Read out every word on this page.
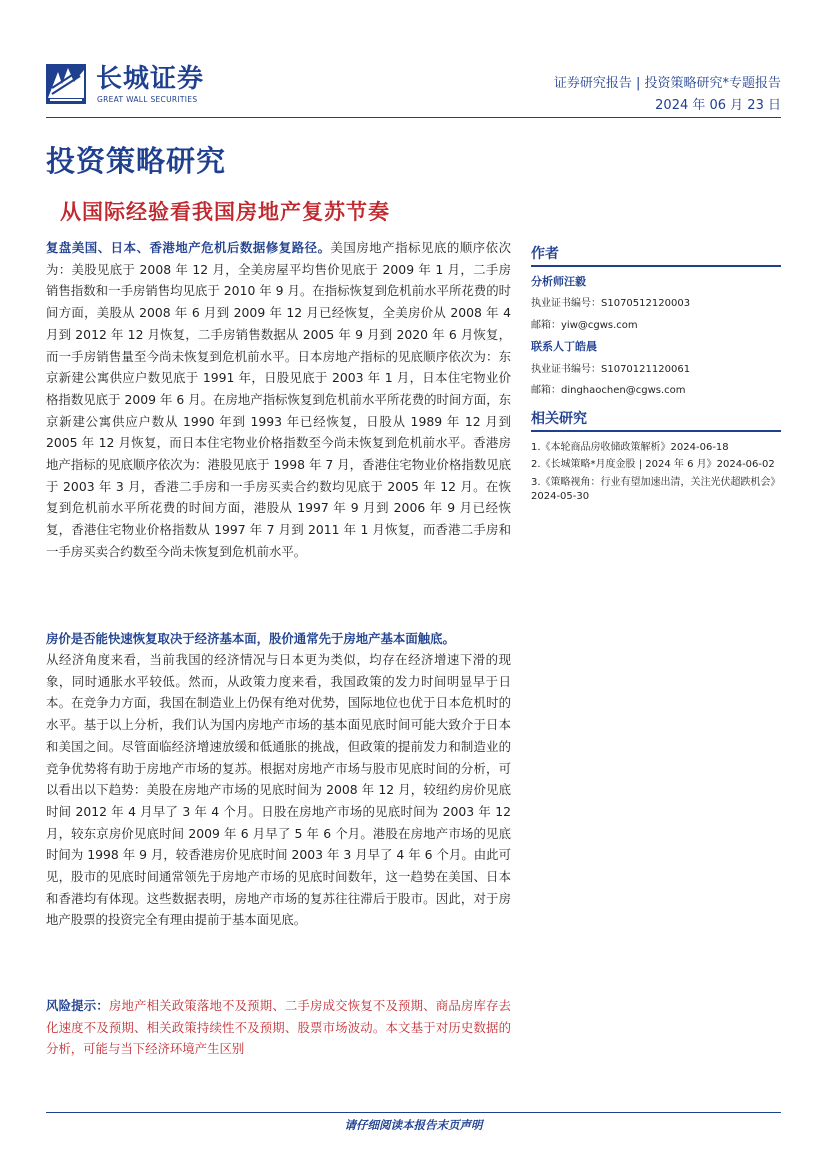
长城证券
GREAT WALL SECURITIES
证券研究报告 | 投资策略研究*专题报告
2024 年 06 月 23 日
投资策略研究
从国际经验看我国房地产复苏节奏
复盘美国、日本、香港地产危机后数据修复路径。美国房地产指标见底的顺序依次为：美股见底于 2008 年 12 月，全美房屋平均售价见底于 2009 年 1 月，二手房销售指数和一手房销售均见底于 2010 年 9 月。在指标恢复到危机前水平所花费的时间方面，美股从 2008 年 6 月到 2009 年 12 月已经恢复，全美房价从 2008 年 4 月到 2012 年 12 月恢复，二手房销售数据从 2005 年 9 月到 2020 年 6 月恢复，而一手房销售量至今尚未恢复到危机前水平。日本房地产指标的见底顺序依次为：东京新建公寓供应户数见底于 1991 年，日股见底于 2003 年 1 月，日本住宅物业价格指数见底于 2009 年 6 月。在房地产指标恢复到危机前水平所花费的时间方面，东京新建公寓供应户数从 1990 年到 1993 年已经恢复，日股从 1989 年 12 月到 2005 年 12 月恢复，而日本住宅物业价格指数至今尚未恢复到危机前水平。香港房地产指标的见底顺序依次为：港股见底于 1998 年 7 月，香港住宅物业价格指数见底于 2003 年 3 月，香港二手房和一手房买卖合约数均见底于 2005 年 12 月。在恢复到危机前水平所花费的时间方面，港股从 1997 年 9 月到 2006 年 9 月已经恢复，香港住宅物业价格指数从 1997 年 7 月到 2011 年 1 月恢复，而香港二手房和一手房买卖合约数至今尚未恢复到危机前水平。
房价是否能快速恢复取决于经济基本面，股价通常先于房地产基本面触底。
从经济角度来看，当前我国的经济情况与日本更为类似，均存在经济增速下滑的现象，同时通胀水平较低。然而，从政策力度来看，我国政策的发力时间明显早于日本。在竞争力方面，我国在制造业上仍保有绝对优势，国际地位也优于日本危机时的水平。基于以上分析，我们认为国内房地产市场的基本面见底时间可能大致介于日本和美国之间。尽管面临经济增速放缓和低通胀的挑战，但政策的提前发力和制造业的竞争优势将有助于房地产市场的复苏。根据对房地产市场与股市见底时间的分析，可以看出以下趋势：美股在房地产市场的见底时间为 2008 年 12 月，较纽约房价见底时间 2012 年 4 月早了 3 年 4 个月。日股在房地产市场的见底时间为 2003 年 12 月，较东京房价见底时间 2009 年 6 月早了 5 年 6 个月。港股在房地产市场的见底时间为 1998 年 9 月，较香港房价见底时间 2003 年 3 月早了 4 年 6 个月。由此可见，股市的见底时间通常领先于房地产市场的见底时间数年，这一趋势在美国、日本和香港均有体现。这些数据表明，房地产市场的复苏往往滞后于股市。因此，对于房地产股票的投资完全有理由提前于基本面见底。
风险提示：房地产相关政策落地不及预期、二手房成交恢复不及预期、商品房库存去化速度不及预期、相关政策持续性不及预期、股票市场波动。本文基于对历史数据的分析，可能与当下经济环境产生区别
作者
分析师汪毅
执业证书编号：S1070512120003
邮箱：yiw@cgws.com
联系人丁皓晨
执业证书编号：S1070121120061
邮箱：dinghaochen@cgws.com
相关研究
1.《本轮商品房收储政策解析》2024-06-18
2.《长城策略*月度金股 | 2024 年 6 月》2024-06-02
3.《策略视角：行业有望加速出清，关注光伏超跌机会》
2024-05-30
请仔细阅读本报告末页声明
